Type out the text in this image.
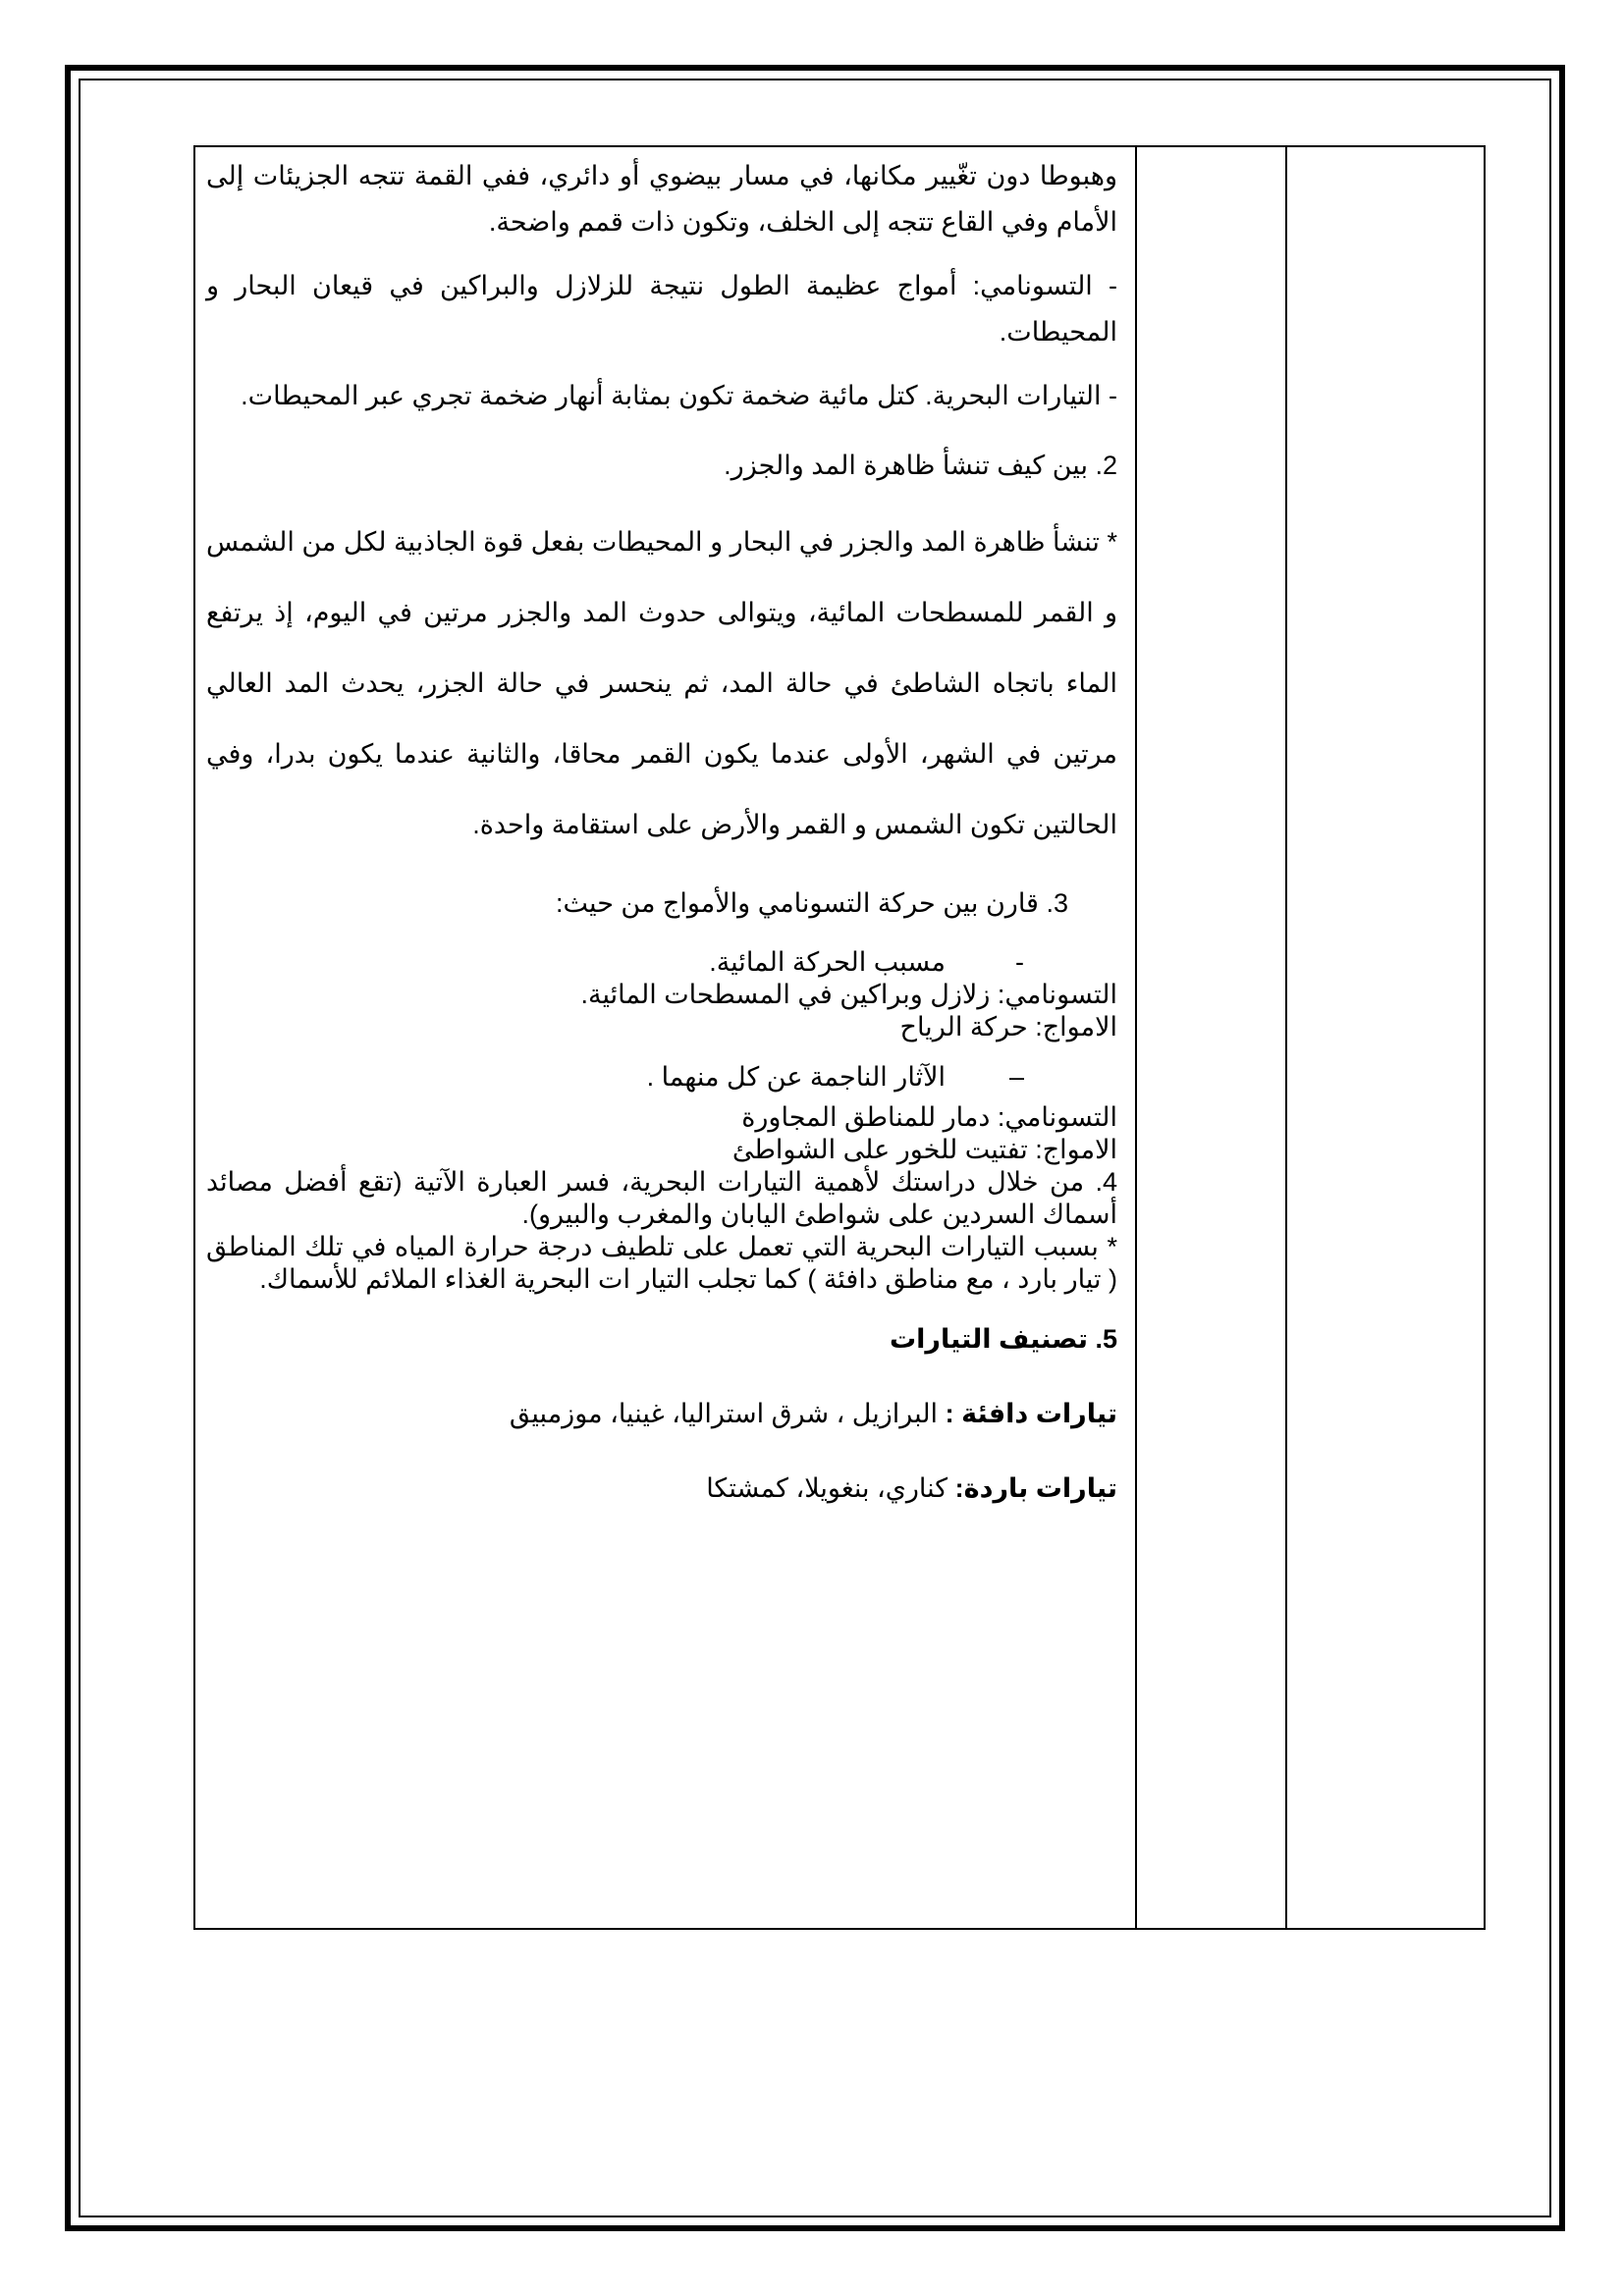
وهبوطا دون تغّيير مكانها، في مسار بيضوي أو دائري، ففي القمة تتجه الجزيئات إلى الأمام وفي القاع تتجه إلى الخلف، وتكون ذات قمم واضحة.

- التسونامي: أمواج عظيمة الطول نتيجة للزلازل والبراكين في قيعان البحار و المحيطات.

- التيارات البحرية. كتل مائية ضخمة تكون بمثابة أنهار ضخمة تجري عبر المحيطات.

2. بين كيف تنشأ ظاهرة المد والجزر.

* تنشأ ظاهرة المد والجزر في البحار و المحيطات بفعل قوة الجاذبية لكل من الشمس و القمر للمسطحات المائية، ويتوالى حدوث المد والجزر مرتين في اليوم، إذ يرتفع الماء باتجاه الشاطئ في حالة المد، ثم ينحسر في حالة الجزر، يحدث المد العالي مرتين في الشهر، الأولى عندما يكون القمر محاقا، والثانية عندما يكون بدرا، وفي الحالتين تكون الشمس و القمر والأرض على استقامة واحدة.

3. قارن بين حركة التسونامي والأمواج من حيث:

-مسبب الحركة المائية.

التسونامي: زلازل وبراكين في المسطحات المائية.

الامواج: حركة الرياح

–الآثار الناجمة عن كل منهما .

التسونامي: دمار للمناطق المجاورة

الامواج: تفتيت للخور على الشواطئ

4. من خلال دراستك لأهمية التيارات البحرية، فسر العبارة الآتية (تقع أفضل مصائد أسماك السردين على شواطئ اليابان والمغرب والبيرو).

* بسبب التيارات البحرية التي تعمل على تلطيف درجة حرارة المياه في تلك المناطق ( تيار بارد ، مع مناطق دافئة ) كما تجلب التيار ات البحرية الغذاء الملائم للأسماك.

5. تصنيف التيارات

تيارات دافئة : البرازيل ، شرق استراليا، غينيا، موزمبيق

تيارات باردة: كناري، بنغويلا، كمشتكا
